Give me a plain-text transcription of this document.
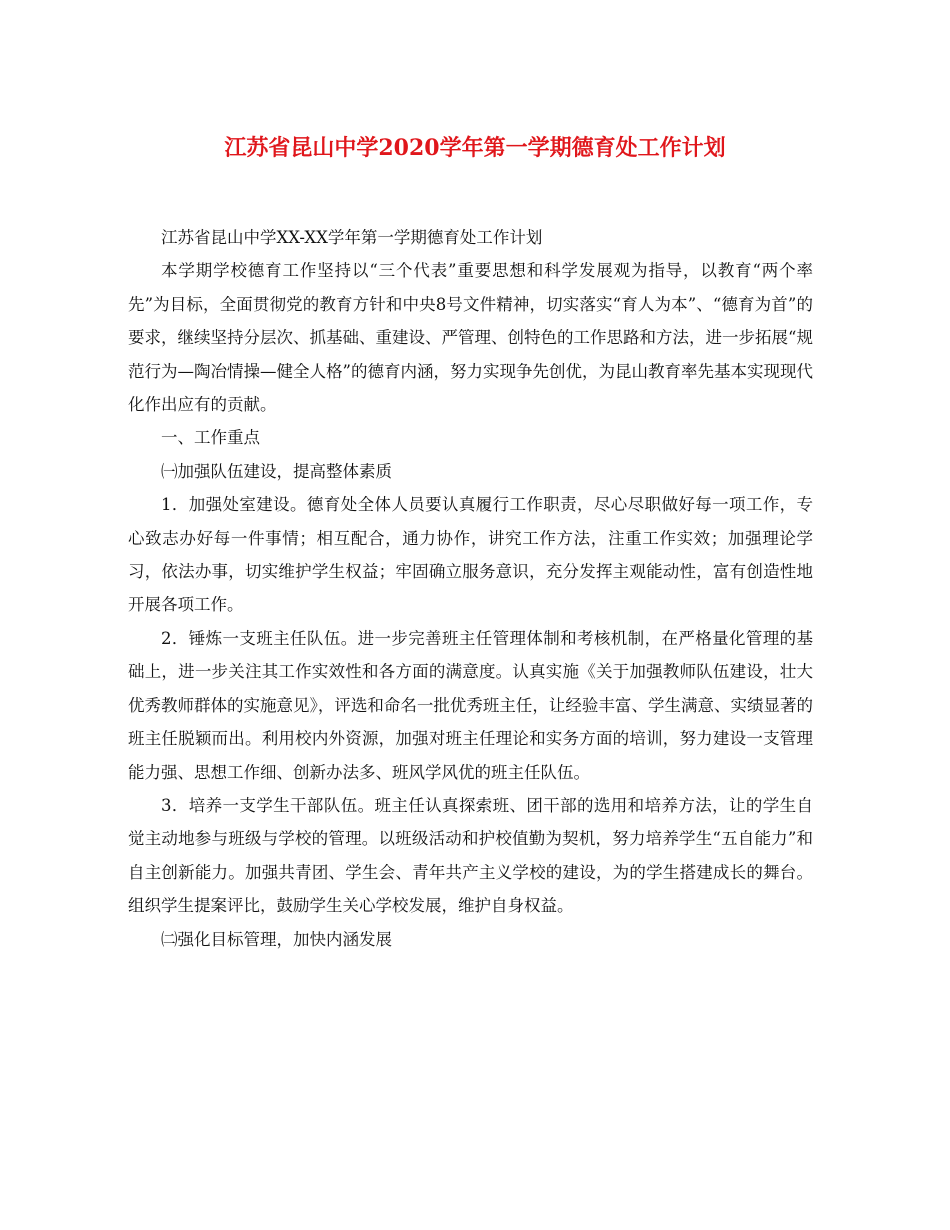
江苏省昆山中学2020学年第一学期德育处工作计划

江苏省昆山中学XX-XX学年第一学期德育处工作计划

本学期学校德育工作坚持以“三个代表”重要思想和科学发展观为指导，以教育“两个率先”为目标，全面贯彻党的教育方针和中央8号文件精神，切实落实“育人为本”、“德育为首”的要求，继续坚持分层次、抓基础、重建设、严管理、创特色的工作思路和方法，进一步拓展“规范行为—陶冶情操—健全人格”的德育内涵，努力实现争先创优，为昆山教育率先基本实现现代化作出应有的贡献。

一、工作重点

㈠加强队伍建设，提高整体素质

1．加强处室建设。德育处全体人员要认真履行工作职责，尽心尽职做好每一项工作，专心致志办好每一件事情；相互配合，通力协作，讲究工作方法，注重工作实效；加强理论学习，依法办事，切实维护学生权益；牢固确立服务意识，充分发挥主观能动性，富有创造性地开展各项工作。

2．锤炼一支班主任队伍。进一步完善班主任管理体制和考核机制，在严格量化管理的基础上，进一步关注其工作实效性和各方面的满意度。认真实施《关于加强教师队伍建设，壮大优秀教师群体的实施意见》，评选和命名一批优秀班主任，让经验丰富、学生满意、实绩显著的班主任脱颖而出。利用校内外资源，加强对班主任理论和实务方面的培训，努力建设一支管理能力强、思想工作细、创新办法多、班风学风优的班主任队伍。

3．培养一支学生干部队伍。班主任认真探索班、团干部的选用和培养方法，让的学生自觉主动地参与班级与学校的管理。以班级活动和护校值勤为契机，努力培养学生“五自能力”和自主创新能力。加强共青团、学生会、青年共产主义学校的建设，为的学生搭建成长的舞台。组织学生提案评比，鼓励学生关心学校发展，维护自身权益。

㈡强化目标管理，加快内涵发展
